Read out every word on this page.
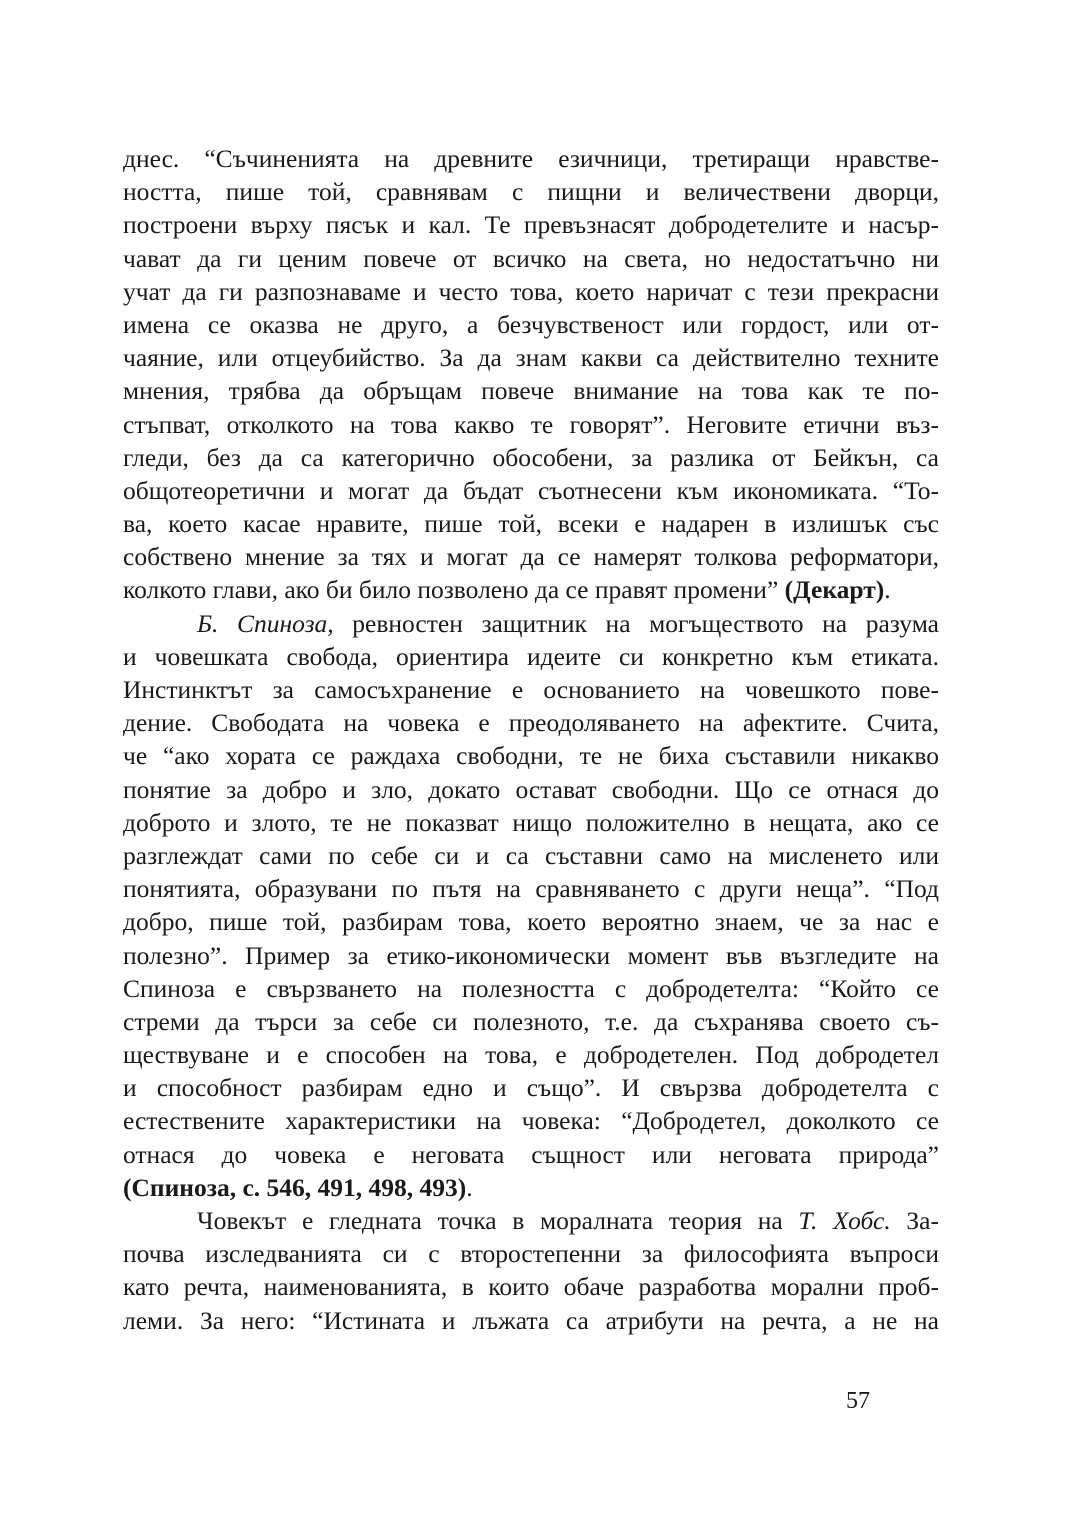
днес. “Съчиненията на древните езичници, третиращи нравстве-
ността, пише той, сравнявам с пищни и величествени дворци,
построени върху пясък и кал. Те превъзнасят добродетелите и насър-
чават да ги ценим повече от всичко на света, но недостатъчно ни
учат да ги разпознаваме и често това, което наричат с тези прекрасни
имена се оказва не друго, а безчувственост или гордост, или от-
чаяние, или отцеубийство. За да знам какви са действително техните
мнения, трябва да обръщам повече внимание на това как те по-
стъпват, отколкото на това какво те говорят”. Неговите етични въз-
гледи, без да са категорично обособени, за разлика от Бейкън, са
общотеоретични и могат да бъдат съотнесени към икономиката. “То-
ва, което касае нравите, пише той, всеки е надарен в излишък със
собствено мнение за тях и могат да се намерят толкова реформатори,
колкото глави, ако би било позволено да се правят промени” (Декарт).
Б. Спиноза, ревностен защитник на могъществото на разума
и човешката свобода, ориентира идеите си конкретно към етиката.
Инстинктът за самосъхранение е основанието на човешкото пове-
дение. Свободата на човека е преодоляването на афектите. Счита,
че “ако хората се раждаха свободни, те не биха съставили никакво
понятие за добро и зло, докато остават свободни. Що се отнася до
доброто и злото, те не показват нищо положително в нещата, ако се
разглеждат сами по себе си и са съставни само на мисленето или
понятията, образувани по пътя на сравняването с други неща”. “Под
добро, пише той, разбирам това, което вероятно знаем, че за нас е
полезно”. Пример за етико-икономически момент във възгледите на
Спиноза е свързването на полезността с добродетелта: “Който се
стреми да търси за себе си полезното, т.е. да съхранява своето съ-
ществуване и е способен на това, е добродетелен. Под добродетел
и способност разбирам едно и също”. И свързва добродетелта с
естествените характеристики на човека: “Добродетел, доколкото се
отнася до човека е неговата същност или неговата природа”
(Спиноза, с. 546, 491, 498, 493).
Човекът е гледната точка в моралната теория на Т. Хобс. За-
почва изследванията си с второстепенни за философията въпроси
като речта, наименованията, в които обаче разработва морални проб-
леми. За него: “Истината и лъжата са атрибути на речта, а не на
57
